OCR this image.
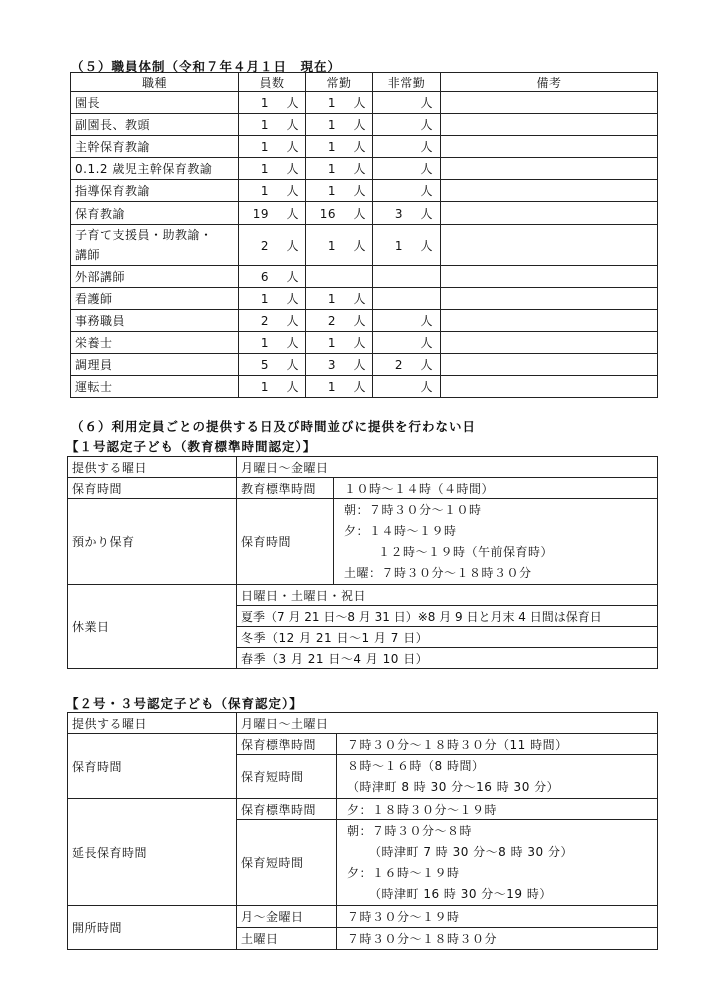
（５）職員体制（令和７年４月１日　現在）
職種	員数	常勤	非常勤	備考
園長	1 人	1 人	人	
副園長、教頭	1 人	1 人	人	
主幹保育教諭	1 人	1 人	人	
0.1.2 歳児主幹保育教諭	1 人	1 人	人	
指導保育教諭	1 人	1 人	人	
保育教諭	19 人	16 人	3 人	

子育て支援員・助教諭・
講師	2 人	1 人	1 人	
外部講師	6 人			
看護師	1 人	1 人		
事務職員	2 人	2 人	人	
栄養士	1 人	1 人	人	
調理員	5 人	3 人	2 人	
運転士	1 人	1 人	人	
（６）利用定員ごとの提供する日及び時間並びに提供を行わない日
【１号認定子ども（教育標準時間認定）】
提供する曜日	月曜日～金曜日	
保育時間	教育標準時間	１０時～１４時（４時間）
預かり保育	保育時間	朝：７時３０分～１０時
夕：１４時～１９時
１２時～１９時（午前保育時）
土曜：７時３０分～１８時３０分

休業日	日曜日・土曜日・祝日	
	夏季（7 月 21 日～8 月 31 日）※8 月 9 日と月末 4 日間は保育日	
	冬季（12 月 21 日～1 月 7 日）	
	春季（3 月 21 日～4 月 10 日）	
【２号・３号認定子ども（保育認定）】
提供する曜日	月曜日～土曜日	
保育時間	保育標準時間	７時３０分～１８時３０分（11 時間）
	保育短時間	８時～１６時（8 時間）
（時津町 8 時 30 分～16 時 30 分）

延長保育時間	保育標準時間	夕：１８時３０分～１９時
	保育短時間	朝：７時３０分～８時
（時津町 7 時 30 分～8 時 30 分）
夕：１６時～１９時
（時津町 16 時 30 分～19 時）

開所時間	月～金曜日	７時３０分～１９時
	土曜日	７時３０分～１８時３０分
